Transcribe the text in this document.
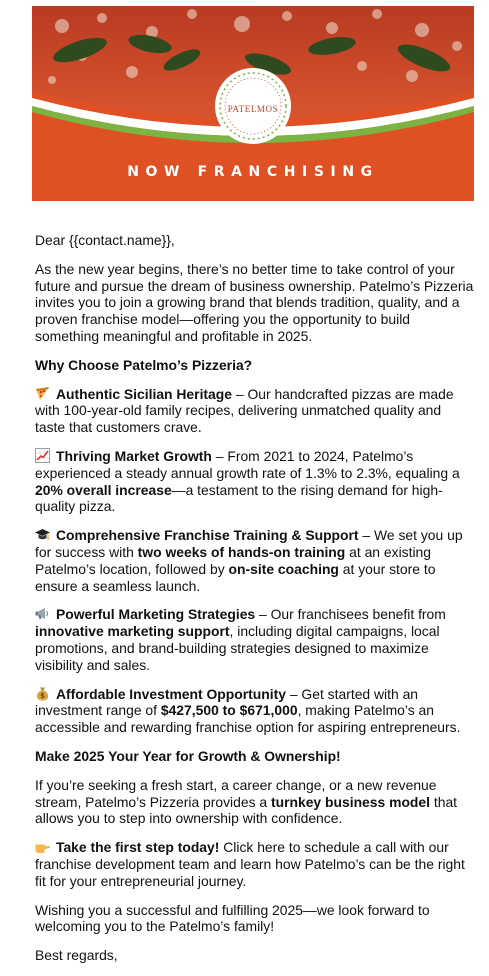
PATELMOS
NOW FRANCHISING

Dear {{contact.name}},

As the new year begins, there’s no better time to take control of your future and pursue the dream of business ownership. Patelmo’s Pizzeria invites you to join a growing brand that blends tradition, quality, and a proven franchise model—offering you the opportunity to build something meaningful and profitable in 2025.

Why Choose Patelmo’s Pizzeria?

Authentic Sicilian Heritage – Our handcrafted pizzas are made with 100-year-old family recipes, delivering unmatched quality and taste that customers crave.

Thriving Market Growth – From 2021 to 2024, Patelmo’s experienced a steady annual growth rate of 1.3% to 2.3%, equaling a 20% overall increase—a testament to the rising demand for high-quality pizza.

Comprehensive Franchise Training & Support – We set you up for success with two weeks of hands-on training at an existing Patelmo’s location, followed by on-site coaching at your store to ensure a seamless launch.

Powerful Marketing Strategies – Our franchisees benefit from innovative marketing support, including digital campaigns, local promotions, and brand-building strategies designed to maximize visibility and sales.

$ Affordable Investment Opportunity – Get started with an investment range of $427,500 to $671,000, making Patelmo’s an accessible and rewarding franchise option for aspiring entrepreneurs.

Make 2025 Your Year for Growth & Ownership!

If you’re seeking a fresh start, a career change, or a new revenue stream, Patelmo’s Pizzeria provides a turnkey business model that allows you to step into ownership with confidence.

Take the first step today! Click here to schedule a call with our franchise development team and learn how Patelmo’s can be the right fit for your entrepreneurial journey.

Wishing you a successful and fulfilling 2025—we look forward to welcoming you to the Patelmo’s family!

Best regards,
